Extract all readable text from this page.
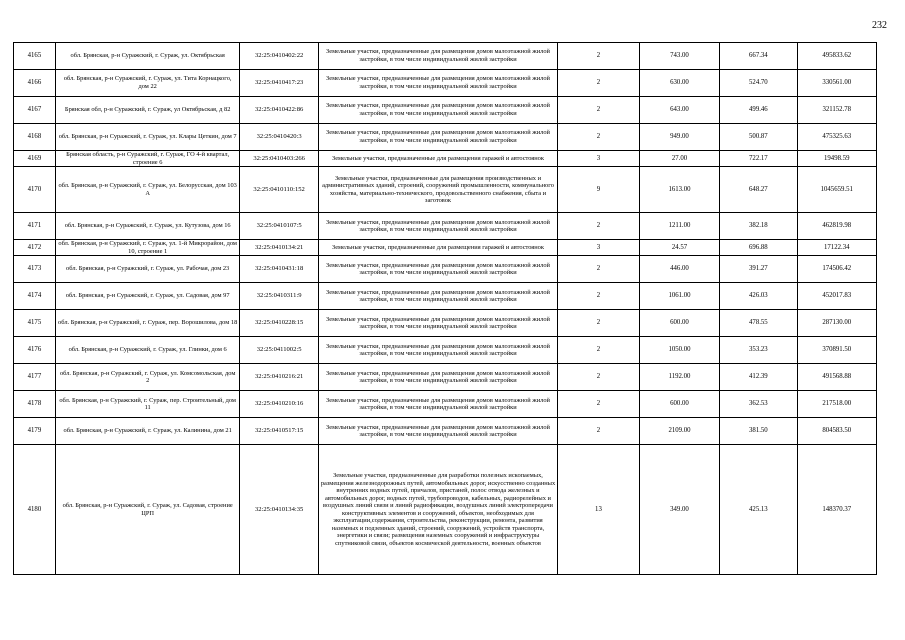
232
4165	обл. Брянская, р-н Суражский, г. Сураж, ул. Октябрьская	32:25:0410402:22	Земельные участки, предназначенные для размещения домов малоэтажной жилой застройки, в том числе индивидуальной жилой застройки	2	743.00	667.34	495833.62
4166	обл. Брянская, р-н Суражский, г. Сураж, ул. Тита Корнацкого, дом 22	32:25:0410417:23	Земельные участки, предназначенные для размещения домов малоэтажной жилой застройки, в том числе индивидуальной жилой застройки	2	630.00	524.70	330561.00
4167	Брянская обл, р-н Суражский, г. Сураж, ул Октябрьская, д 82	32:25:0410422:86	Земельные участки, предназначенные для размещения домов малоэтажной жилой застройки, в том числе индивидуальной жилой застройки	2	643.00	499.46	321152.78
4168	обл. Брянская, р-н Суражский, г. Сураж, ул. Клары Цеткин, дом 7	32:25:0410420:3	Земельные участки, предназначенные для размещения домов малоэтажной жилой застройки, в том числе индивидуальной жилой застройки	2	949.00	500.87	475325.63
4169	Брянская область, р-н Суражский, г. Сураж, ГО 4-й квартал, строение 6	32:25:0410403:266	Земельные участки, предназначенные для размещения гаражей и автостоянок	3	27.00	722.17	19498.59
4170	обл. Брянская, р-н Суражский, г. Сураж, ул. Белорусская, дом 103 А	32:25:0410110:152	Земельные участки, предназначенные для размещения производственных и административных зданий, строений, сооружений промышленности, коммунального хозяйства, материально-технического, продовольственного снабжения, сбыта и заготовок	9	1613.00	648.27	1045659.51
4171	обл. Брянская, р-н Суражский, г. Сураж, ул. Кутузова, дом 16	32:25:0410107:5	Земельные участки, предназначенные для размещения домов малоэтажной жилой застройки, в том числе индивидуальной жилой застройки	2	1211.00	382.18	462819.98
4172	обл. Брянская, р-н Суражский, г. Сураж, ул. 1-й Микрорайон, дом 10, строение 1	32:25:0410134:21	Земельные участки, предназначенные для размещения гаражей и автостоянок	3	24.57	696.88	17122.34
4173	обл. Брянская, р-н Суражский, г. Сураж, ул. Рабочая, дом 23	32:25:0410431:18	Земельные участки, предназначенные для размещения домов малоэтажной жилой застройки, в том числе индивидуальной жилой застройки	2	446.00	391.27	174506.42
4174	обл. Брянская, р-н Суражский, г. Сураж, ул. Садовая, дом 97	32:25:0410311:9	Земельные участки, предназначенные для размещения домов малоэтажной жилой застройки, в том числе индивидуальной жилой застройки	2	1061.00	426.03	452017.83
4175	обл. Брянская, р-н Суражский, г. Сураж, пер. Ворошилова, дом 18	32:25:0410228:15	Земельные участки, предназначенные для размещения домов малоэтажной жилой застройки, в том числе индивидуальной жилой застройки	2	600.00	478.55	287130.00
4176	обл. Брянская, р-н Суражский, г. Сураж, ул. Глинки, дом 6	32:25:0411002:5	Земельные участки, предназначенные для размещения домов малоэтажной жилой застройки, в том числе индивидуальной жилой застройки	2	1050.00	353.23	370891.50
4177	обл. Брянская, р-н Суражский, г. Сураж, ул. Комсомольская, дом 2	32:25:0410216:21	Земельные участки, предназначенные для размещения домов малоэтажной жилой застройки, в том числе индивидуальной жилой застройки	2	1192.00	412.39	491568.88
4178	обл. Брянская, р-н Суражский, г. Сураж, пер. Строительный, дом 11	32:25:0410210:16	Земельные участки, предназначенные для размещения домов малоэтажной жилой застройки, в том числе индивидуальной жилой застройки	2	600.00	362.53	217518.00
4179	обл. Брянская, р-н Суражский, г. Сураж, ул. Калинина, дом 21	32:25:0410517:15	Земельные участки, предназначенные для размещения домов малоэтажной жилой застройки, в том числе индивидуальной жилой застройки	2	2109.00	381.50	804583.50
4180	обл. Брянская, р-н Суражский, г. Сураж, ул. Садовая, строение ЦРП	32:25:0410134:35	Земельные участки, предназначенные для разработки полезных ископаемых, размещения железнодорожных путей, автомобильных дорог, искусственно созданных внутренних водных путей, причалов, пристаней, полос отвода железных и автомобильных дорог, водных путей, трубопроводов, кабельных, радиорелейных и воздушных линий связи и линий радиофикации, воздушных линий электропередачи конструктивных элементов и сооружений, объектов, необходимых для эксплуатации,содержания, строительства, реконструкции, ремонта, развития наземных и подземных зданий, строений, сооружений, устройств транспорта, энергетики и связи; размещения наземных сооружений и инфраструктуры спутниковой связи, объектов космической деятельности, военных объектов	13	349.00	425.13	148370.37
